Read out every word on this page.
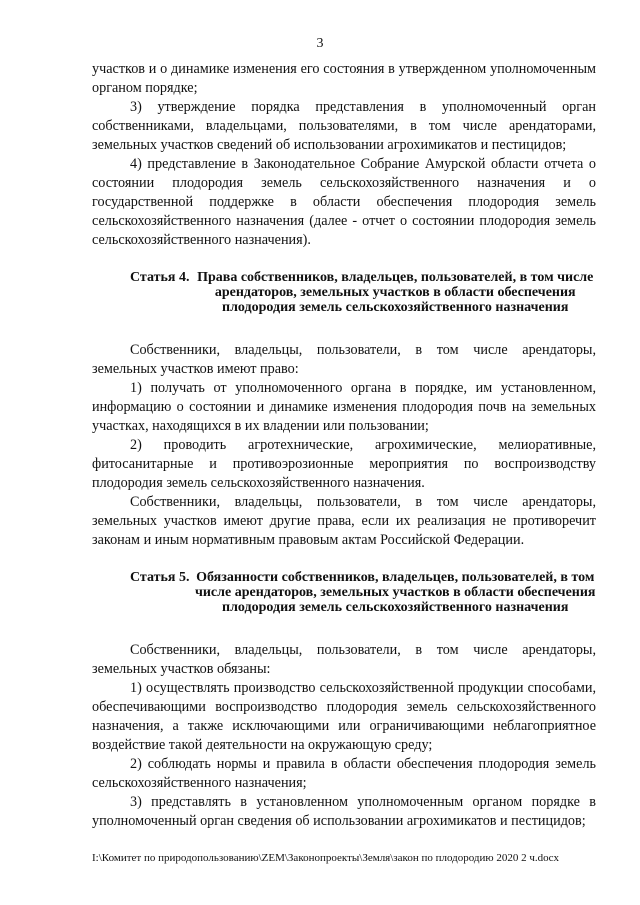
3

участков и о динамике изменения его состояния в утвержденном уполномоченным органом порядке;

3) утверждение порядка представления в уполномоченный орган собственниками, владельцами, пользователями, в том числе арендаторами, земельных участков сведений об использовании агрохимикатов и пестицидов;

4) представление в Законодательное Собрание Амурской области отчета о состоянии плодородия земель сельскохозяйственного назначения и о государственной поддержке в области обеспечения плодородия земель сельскохозяйственного назначения (далее - отчет о состоянии плодородия земель сельскохозяйственного назначения).

Статья 4. Права собственников, владельцев, пользователей, в том числе арендаторов, земельных участков в области обеспечения плодородия земель сельскохозяйственного назначения

Собственники, владельцы, пользователи, в том числе арендаторы, земельных участков имеют право:

1) получать от уполномоченного органа в порядке, им установленном, информацию о состоянии и динамике изменения плодородия почв на земельных участках, находящихся в их владении или пользовании;

2) проводить агротехнические, агрохимические, мелиоративные, фитосанитарные и противоэрозионные мероприятия по воспроизводству плодородия земель сельскохозяйственного назначения.

Собственники, владельцы, пользователи, в том числе арендаторы, земельных участков имеют другие права, если их реализация не противоречит законам и иным нормативным правовым актам Российской Федерации.

Статья 5. Обязанности собственников, владельцев, пользователей, в том числе арендаторов, земельных участков в области обеспечения плодородия земель сельскохозяйственного назначения

Собственники, владельцы, пользователи, в том числе арендаторы, земельных участков обязаны:

1) осуществлять производство сельскохозяйственной продукции способами, обеспечивающими воспроизводство плодородия земель сельскохозяйственного назначения, а также исключающими или ограничивающими неблагоприятное воздействие такой деятельности на окружающую среду;

2) соблюдать нормы и правила в области обеспечения плодородия земель сельскохозяйственного назначения;

3) представлять в установленном уполномоченным органом порядке в уполномоченный орган сведения об использовании агрохимикатов и пестицидов;

I:\Комитет по природопользованию\ZEM\Законопроекты\Земля\закон по плодородию 2020 2 ч.docx
